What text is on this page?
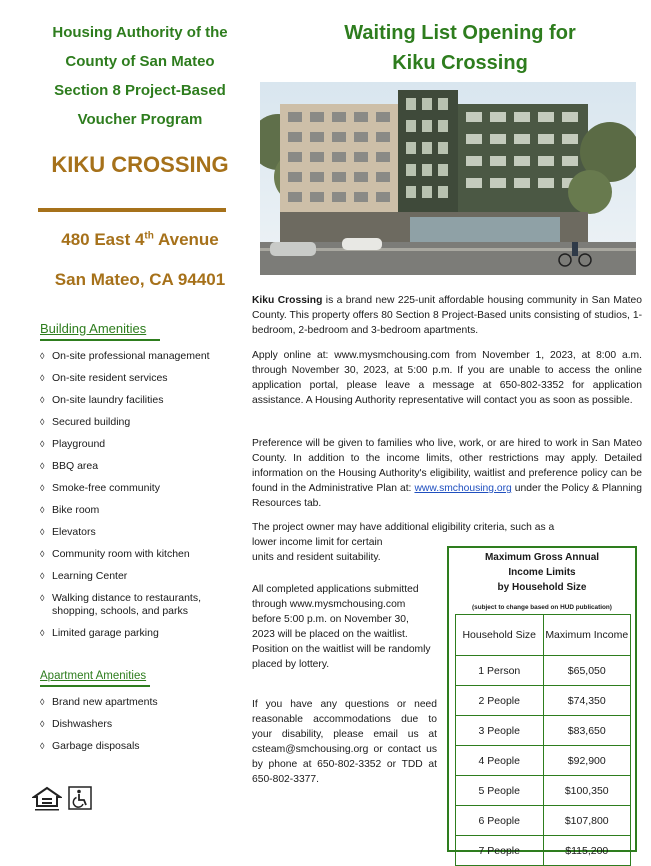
Housing Authority of the
County of San Mateo
Section 8 Project-Based
Voucher Program
KIKU CROSSING
480 East 4th Avenue
San Mateo, CA 94401
Building Amenities
◊ On-site professional management
◊ On-site resident services
◊ On-site laundry facilities
◊ Secured building
◊ Playground
◊ BBQ area
◊ Smoke-free community
◊ Bike room
◊ Elevators
◊ Community room with kitchen
◊ Learning Center
◊ Walking distance to restaurants, shopping, schools, and parks
◊ Limited garage parking
Apartment Amenities
◊ Brand new apartments
◊ Dishwashers
◊ Garbage disposals
Waiting List Opening for
Kiku Crossing
Kiku Crossing is a brand new 225-unit affordable housing community in San Mateo County. This property offers 80 Section 8 Project-Based units consisting of studios, 1-bedroom, 2-bedroom and 3-bedroom apartments.
Apply online at: www.mysmchousing.com from November 1, 2023, at 8:00 a.m. through November 30, 2023, at 5:00 p.m. If you are unable to access the online application portal, please leave a message at 650-802-3352 for application assistance. A Housing Authority representative will contact you as soon as possible.
Preference will be given to families who live, work, or are hired to work in San Mateo County. In addition to the income limits, other restrictions may apply. Detailed information on the Housing Authority's eligibility, waitlist and preference policy can be found in the Administrative Plan at: www.smchousing.org under the Policy & Planning Resources tab.
The project owner may have additional eligibility criteria, such as a
lower income limit for certain
units and resident suitability.
All completed applications submitted through www.mysmchousing.com before 5:00 p.m. on November 30, 2023 will be placed on the waitlist. Position on the waitlist will be randomly placed by lottery.
If you have any questions or need reasonable accommodations due to your disability, please email us at csteam@smchousing.org or contact us by phone at 650-802-3352 or TDD at 650-802-3377.
Maximum Gross Annual
Income Limits
by Household Size
(subject to change based on HUD publication)
Household Size	Maximum Income
1 Person	$65,050
2 People	$74,350
3 People	$83,650
4 People	$92,900
5 People	$100,350
6 People	$107,800
7 People	$115,200
